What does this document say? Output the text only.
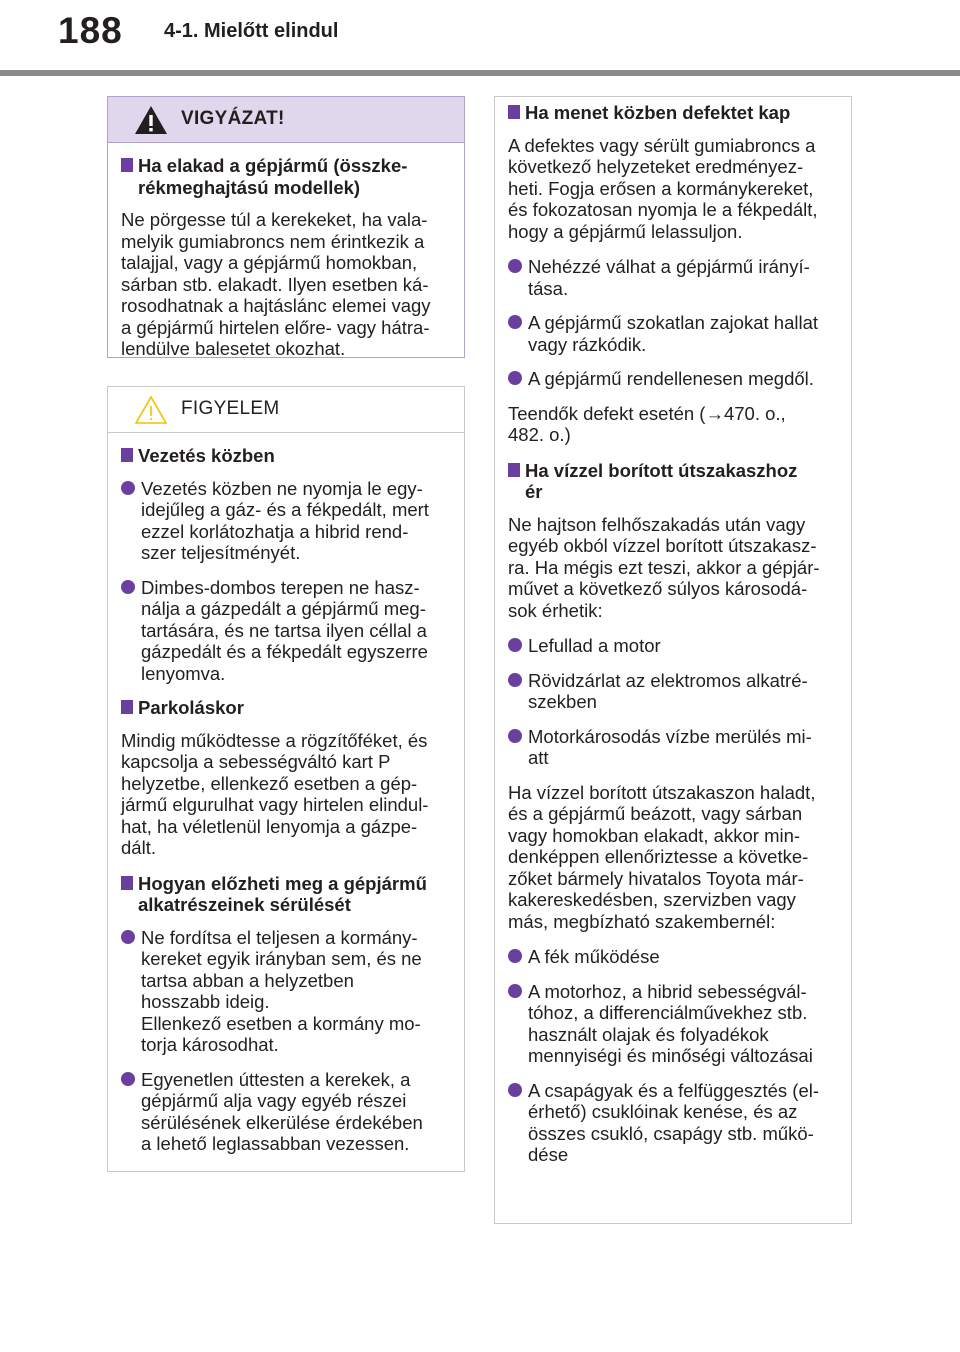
188 4-1. Mielőtt elindul
VIGYÁZAT!
Ha elakad a gépjármű (összke-
rékmeghajtású modellek)
Ne pörgesse túl a kerekeket, ha vala-
melyik gumiabroncs nem érintkezik a
talajjal, vagy a gépjármű homokban,
sárban stb. elakadt. Ilyen esetben ká-
rosodhatnak a hajtáslánc elemei vagy
a gépjármű hirtelen előre- vagy hátra-
lendülve balesetet okozhat.
FIGYELEM
Vezetés közben
Vezetés közben ne nyomja le egy-
idejűleg a gáz- és a fékpedált, mert
ezzel korlátozhatja a hibrid rend-
szer teljesítményét.
Dimbes-dombos terepen ne hasz-
nálja a gázpedált a gépjármű meg-
tartására, és ne tartsa ilyen céllal a
gázpedált és a fékpedált egyszerre
lenyomva.
Parkoláskor
Mindig működtesse a rögzítőféket, és
kapcsolja a sebességváltó kart P
helyzetbe, ellenkező esetben a gép-
jármű elgurulhat vagy hirtelen elindul-
hat, ha véletlenül lenyomja a gázpe-
dált.
Hogyan előzheti meg a gépjármű
alkatrészeinek sérülését
Ne fordítsa el teljesen a kormány-
kereket egyik irányban sem, és ne
tartsa abban a helyzetben
hosszabb ideig.
Ellenkező esetben a kormány mo-
torja károsodhat.
Egyenetlen úttesten a kerekek, a
gépjármű alja vagy egyéb részei
sérülésének elkerülése érdekében
a lehető leglassabban vezessen.
Ha menet közben defektet kap
A defektes vagy sérült gumiabroncs a
következő helyzeteket eredményez-
heti. Fogja erősen a kormánykereket,
és fokozatosan nyomja le a fékpedált,
hogy a gépjármű lelassuljon.
Nehézzé válhat a gépjármű irányí-
tása.
A gépjármű szokatlan zajokat hallat
vagy rázkódik.
A gépjármű rendellenesen megdől.
Teendők defekt esetén (→470. o.,
482. o.)
Ha vízzel borított útszakaszhoz
ér
Ne hajtson felhőszakadás után vagy
egyéb okból vízzel borított útszakasz-
ra. Ha mégis ezt teszi, akkor a gépjár-
művet a következő súlyos károsodá-
sok érhetik:
Lefullad a motor
Rövidzárlat az elektromos alkatré-
szekben
Motorkárosodás vízbe merülés mi-
att
Ha vízzel borított útszakaszon haladt,
és a gépjármű beázott, vagy sárban
vagy homokban elakadt, akkor min-
denképpen ellenőriztesse a követke-
zőket bármely hivatalos Toyota már-
kakereskedésben, szervizben vagy
más, megbízható szakembernél:
A fék működése
A motorhoz, a hibrid sebességvál-
tóhoz, a differenciálművekhez stb.
használt olajak és folyadékok
mennyiségi és minőségi változásai
A csapágyak és a felfüggesztés (el-
érhető) csuklóinak kenése, és az
összes csukló, csapágy stb. műkö-
dése
